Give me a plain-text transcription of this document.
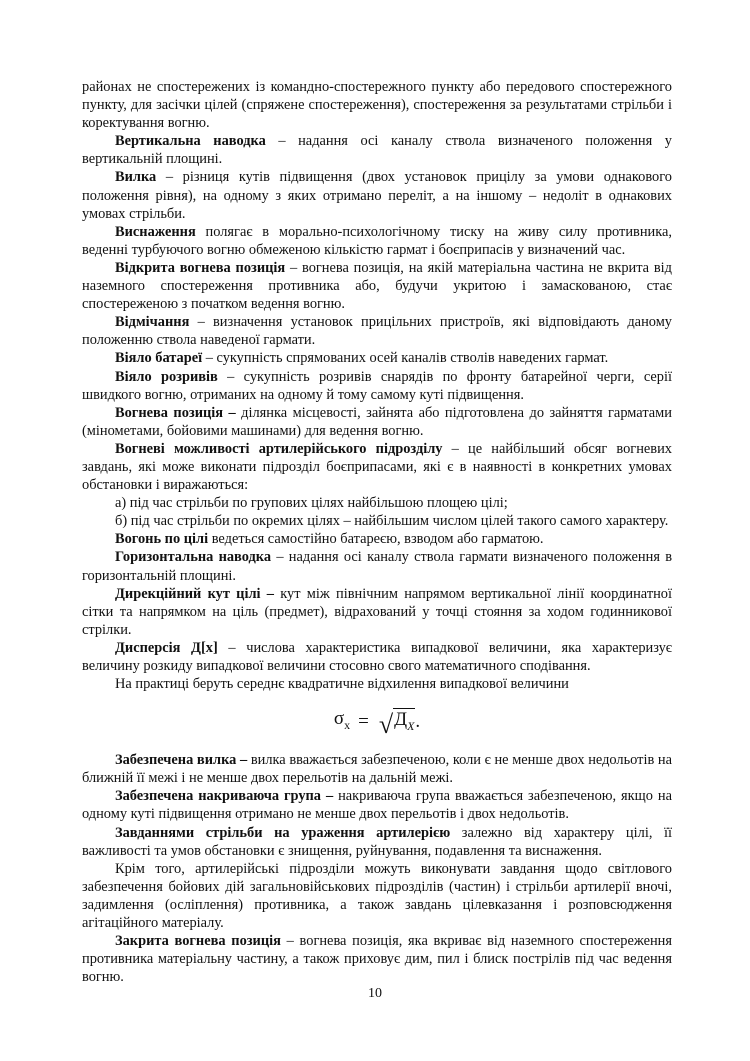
районах не спостережених із командно-спостережного пункту або передового спостережного пункту, для засічки цілей (спряжене спостереження), спостереження за результатами стрільби і коректування вогню.

Вертикальна наводка – надання осі каналу ствола визначеного положення у вертикальній площині.

Вилка – різниця кутів підвищення (двох установок прицілу за умови однакового положення рівня), на одному з яких отримано переліт, а на іншому – недоліт в однакових умовах стрільби.

Виснаження полягає в морально-психологічному тиску на живу силу противника, веденні турбуючого вогню обмеженою кількістю гармат і боєприпасів у визначений час.

Відкрита вогнева позиція – вогнева позиція, на якій матеріальна частина не вкрита від наземного спостереження противника або, будучи укритою і замаскованою, стає спостереженою з початком ведення вогню.

Відмічання – визначення установок прицільних пристроїв, які відповідають даному положенню ствола наведеної гармати.

Віяло батареї – сукупність спрямованих осей каналів стволів наведених гармат.

Віяло розривів – сукупність розривів снарядів по фронту батарейної черги, серії швидкого вогню, отриманих на одному й тому самому куті підвищення.

Вогнева позиція – ділянка місцевості, зайнята або підготовлена до зайняття гарматами (мінометами, бойовими машинами) для ведення вогню.

Вогневі можливості артилерійського підрозділу – це найбільший обсяг вогневих завдань, які може виконати підрозділ боєприпасами, які є в наявності в конкретних умовах обстановки і виражаються:

а) під час стрільби по групових цілях найбільшою площею цілі;

б) під час стрільби по окремих цілях – найбільшим числом цілей такого самого характеру.

Вогонь по цілі ведеться самостійно батареєю, взводом або гарматою.

Горизонтальна наводка – надання осі каналу ствола гармати визначеного положення в горизонтальній площині.

Дирекційний кут цілі – кут між північним напрямом вертикальної лінії координатної сітки та напрямком на ціль (предмет), відрахований у точці стояння за ходом годинникової стрілки.

Дисперсія Д[х] – числова характеристика випадкової величини, яка характеризує величину розкиду випадкової величини стосовно свого математичного сподівання.

На практиці беруть середнє квадратичне відхилення випадкової величини

$\sigma_x$ = √ $Д_X$ .

Забезпечена вилка – вилка вважається забезпеченою, коли є не менше двох недольотів на ближній її межі і не менше двох перельотів на дальній межі.

Забезпечена накриваюча група – накриваюча група вважається забезпеченою, якщо на одному куті підвищення отримано не менше двох перельотів і двох недольотів.

Завданнями стрільби на ураження артилерією залежно від характеру цілі, її важливості та умов обстановки є знищення, руйнування, подавлення та виснаження.

Крім того, артилерійські підрозділи можуть виконувати завдання щодо світлового забезпечення бойових дій загальновійськових підрозділів (частин) і стрільби артилерії вночі, задимлення (осліплення) противника, а також завдань цілевказання і розповсюдження агітаційного матеріалу.

Закрита вогнева позиція – вогнева позиція, яка вкриває від наземного спостереження противника матеріальну частину, а також приховує дим, пил і блиск пострілів під час ведення вогню.

10
